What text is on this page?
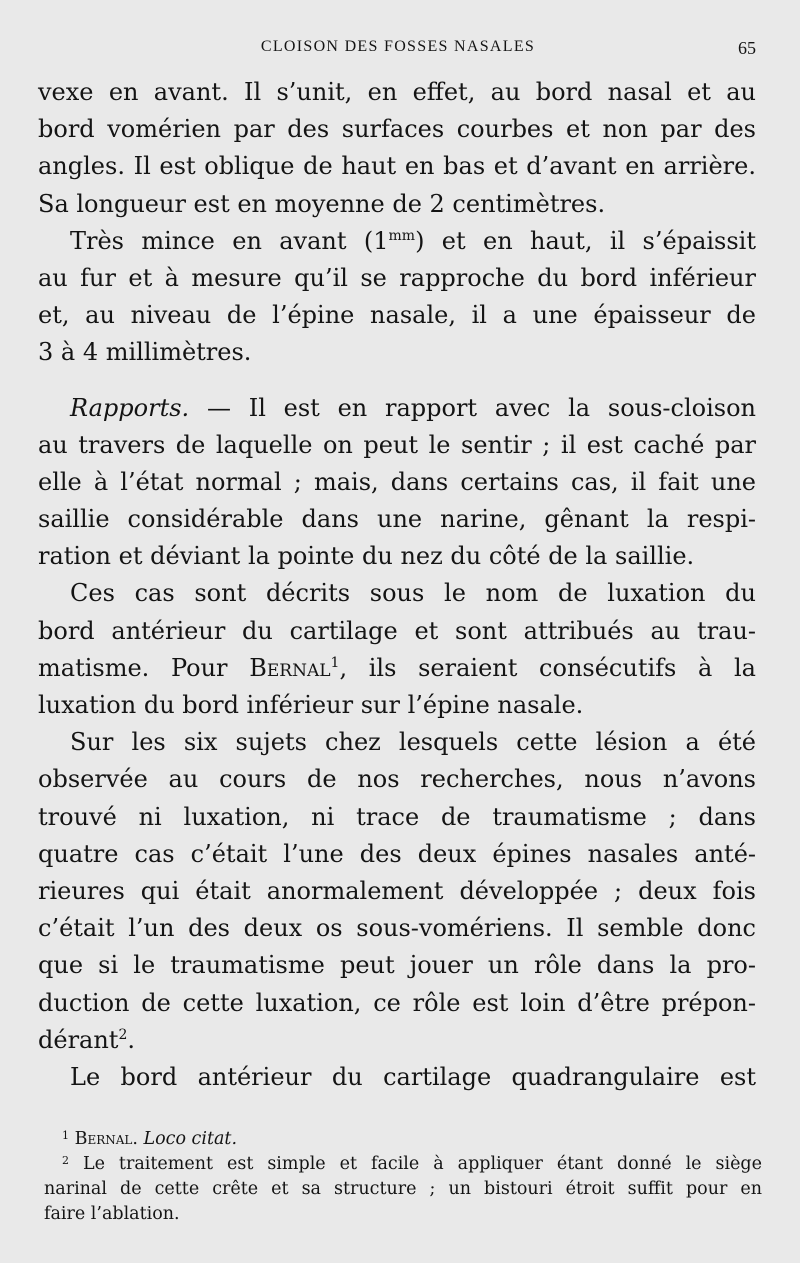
CLOISON DES FOSSES NASALES	65
vexe en avant. Il s’unit, en effet, au bord nasal et au
bord vomérien par des surfaces courbes et non par des
angles. Il est oblique de haut en bas et d’avant en arrière.
Sa longueur est en moyenne de 2 centimètres.
Très mince en avant $(1^{mm})$ et en haut, il s’épaissit
au fur et à mesure qu’il se rapproche du bord inférieur
et, au niveau de l’épine nasale, il a une épaisseur de
3 à 4 millimètres.
Rapports. — Il est en rapport avec la sous-cloison
au travers de laquelle on peut le sentir ; il est caché par
elle à l’état normal ; mais, dans certains cas, il fait une
saillie considérable dans une narine, gênant la respi-
ration et déviant la pointe du nez du côté de la saillie.
Ces cas sont décrits sous le nom de luxation du
bord antérieur du cartilage et sont attribués au trau-
matisme. Pour Bernal$^1$, ils seraient consécutifs à la
luxation du bord inférieur sur l’épine nasale.
Sur les six sujets chez lesquels cette lésion a été
observée au cours de nos recherches, nous n’avons
trouvé ni luxation, ni trace de traumatisme ; dans
quatre cas c’était l’une des deux épines nasales anté-
rieures qui était anormalement développée ; deux fois
c’était l’un des deux os sous-vomériens. Il semble donc
que si le traumatisme peut jouer un rôle dans la pro-
duction de cette luxation, ce rôle est loin d’être prépon-
dérant$^2$.
Le bord antérieur du cartilage quadrangulaire est
$^1$ Bernal. Loco citat.
$^2$ Le traitement est simple et facile à appliquer étant donné le siège
narinal de cette crête et sa structure ; un bistouri étroit suffit pour en
faire l’ablation.
